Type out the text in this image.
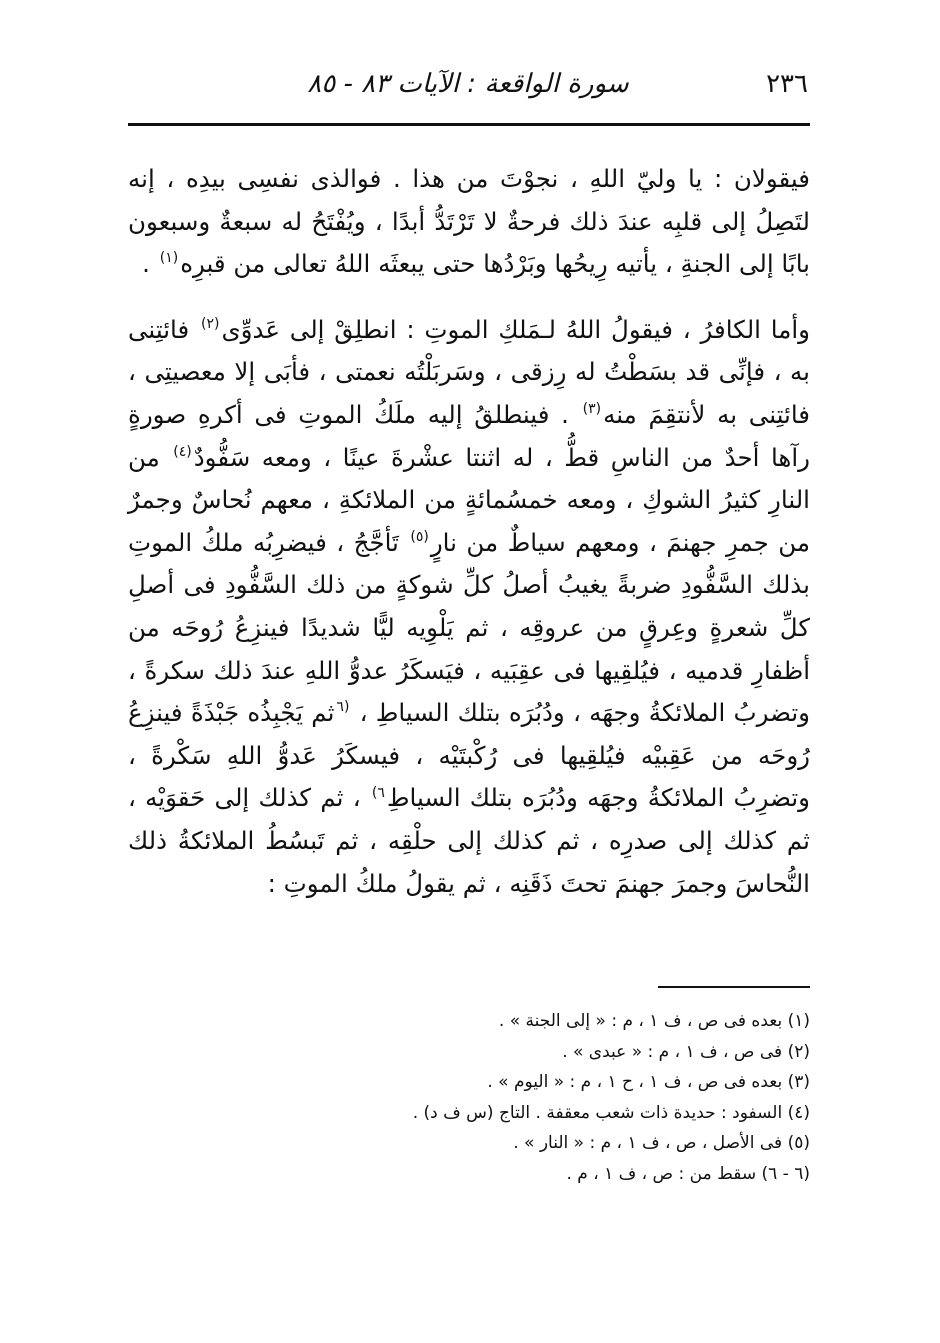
٢٣٦
سورة الواقعة : الآيات ٨٣ - ٨٥

فيقولان : يا وليّ اللهِ ، نجوْتَ من هذا . فوالذى نفسِى بيدِه ، إنه لتَصِلُ إلى قلبِه عندَ ذلك فرحةٌ لا تَرْتَدُّ أبدًا ، ويُفْتَحُ له سبعةٌ وسبعون بابًا إلى الجنةِ ، يأتيه رِيحُها وبَرْدُها حتى يبعثَه اللهُ تعالى من قبرِه$^{(١)}$ .

وأما الكافرُ ، فيقولُ اللهُ لـمَلكِ الموتِ : انطلِقْ إلى عَدوِّى$^{(٢)}$ فائتِنى به ، فإنِّى قد بسَطْتُ له رِزقى ، وسَربَلْتُه نعمتى ، فأبَى إلا معصيتِى ، فائتِنى به لأنتقِمَ منه$^{(٣)}$ . فينطلقُ إليه ملَكُ الموتِ فى أكرهِ صورةٍ رآها أحدٌ من الناسِ قطُّ ، له اثنتا عشْرةَ عينًا ، ومعه سَفُّودٌ$^{(٤)}$ من النارِ كثيرُ الشوكِ ، ومعه خمسُمائةٍ من الملائكةِ ، معهم نُحاسٌ وجمرٌ من جمرِ جهنمَ ، ومعهم سياطٌ من نارٍ$^{(٥)}$ تَأجَّجُ ، فيضرِبُه ملكُ الموتِ بذلك السَّفُّودِ ضربةً يغيبُ أصلُ كلِّ شوكةٍ من ذلك السَّفُّودِ فى أصلِ كلِّ شعرةٍ وعِرقٍ من عروقِه ، ثم يَلْوِيه ليًّا شديدًا فينزِعُ رُوحَه من أظفارِ قدميه ، فيُلقِيها فى عقِبَيه ، فيَسكَرُ عدوُّ اللهِ عندَ ذلك سكرةً ، وتضربُ الملائكةُ وجهَه ، ودُبُرَه بتلك السياطِ ، $^{(٦}$ثم يَجْبِذُه جَبْذَةً فينزِعُ رُوحَه من عَقِبيْه فيُلقِيها فى رُكْبتَيْه ، فيسكَرُ عَدوُّ اللهِ سَكْرةً ، وتضرِبُ الملائكةُ وجهَه ودُبُرَه بتلك السياطِ$^{٦)}$ ، ثم كذلك إلى حَقوَيْه ، ثم كذلك إلى صدرِه ، ثم كذلك إلى حلْقِه ، ثم تَبسُطُ الملائكةُ ذلك النُّحاسَ وجمرَ جهنمَ تحتَ ذَقَنِه ، ثم يقولُ ملكُ الموتِ :

(١) بعده فى ص ، ف ١ ، م : « إلى الجنة » .
(٢) فى ص ، ف ١ ، م : « عبدى » .
(٣) بعده فى ص ، ف ١ ، ح ١ ، م : « اليوم » .
(٤) السفود : حديدة ذات شعب معقفة . التاج (س ف د) .
(٥) فى الأصل ، ص ، ف ١ ، م : « النار » .
(٦ - ٦) سقط من : ص ، ف ١ ، م .
